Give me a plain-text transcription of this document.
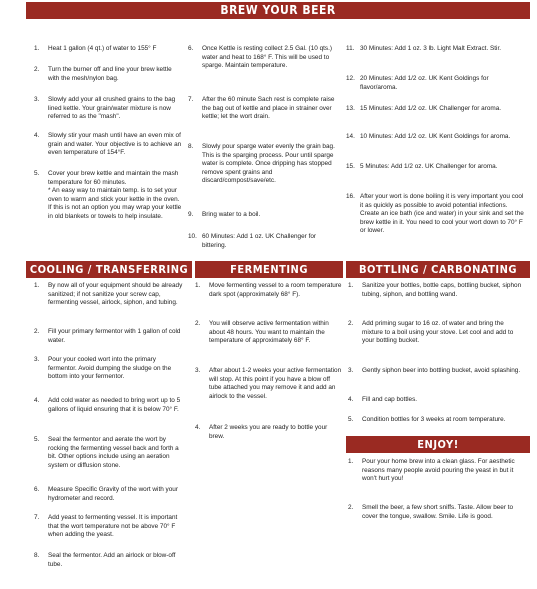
BREW YOUR BEER
COOLING / TRANSFERRING	FERMENTING	BOTTLING / CARBONATING
ENJOY!
1.	Heat 1 gallon (4 qt.) of water to 155° F
2.	Turn the burner off and line your brew kettle with the mesh/nylon bag.
3.	Slowly add your all crushed grains to the bag lined kettle. Your grain/water mixture is now referred to as the "mash".
4.	Slowly stir your mash until have an even mix of grain and water. Your objective is to achieve an even temperature of 154°F.
5.	Cover your brew kettle and maintain the mash temperature for 60 minutes.
* An easy way to maintain temp. is to set your oven to warm and stick your kettle in the oven. If this is not an option you may wrap your kettle in old blankets or towels to help insulate.
6.	Once Kettle is resting collect 2.5 Gal. (10 qts.) water and heat to 168° F. This will be used to sparge. Maintain temperature.
7.	After the 60 minute Sach rest is complete raise the bag out of kettle and place in strainer over kettle; let the wort drain.
8.	Slowly pour sparge water evenly the grain bag. This is the sparging process. Pour until sparge water is complete. Once dripping has stopped remove spent grains and discard/compost/save/etc.
9.	Bring water to a boil.
10. 60 Minutes: Add 1 oz. UK Challenger for bittering.
11. 30 Minutes: Add 1 oz. 3 lb. Light Malt Extract. Stir.
12. 20 Minutes: Add 1/2 oz. UK Kent Goldings for flavor/aroma.
13. 15 Minutes: Add 1/2 oz. UK Challenger for aroma.
14. 10 Minutes: Add 1/2 oz. UK Kent Goldings for aroma.
15. 5 Minutes: Add 1/2 oz. UK Challenger for aroma.
16. After your wort is done boiling it is very important you cool it as quickly as possible to avoid potential infections. Create an ice bath (ice and water) in your sink and set the brew kettle in it. You need to cool your wort down to 70° F or lower.
1.	By now all of your equipment should be already sanitized; if not sanitize your screw cap, fermenting vessel, airlock, siphon, and tubing.
2.	Fill your primary fermentor with 1 gallon of cold water.
3.	Pour your cooled wort into the primary fermentor. Avoid dumping the sludge on the bottom into your fermentor.
4.	Add cold water as needed to bring wort up to 5 gallons of liquid ensuring that it is below 70° F.
5.	Seal the fermentor and aerate the wort by rocking the fermenting vessel back and forth a bit. Other options include using an aeration system or diffusion stone.
6.	Measure Specific Gravity of the wort with your hydrometer and record.
7.	Add yeast to fermenting vessel. It is important that the wort temperature not be above 70° F when adding the yeast.
8.	Seal the fermentor. Add an airlock or blow-off tube.
1.	Move fermenting vessel to a room temperature dark spot (approximately 68° F).
2.	You will observe active fermentation within about 48 hours. You want to maintain the temperature of approximately 68° F.
3.	After about 1-2 weeks your active fermentation will stop. At this point if you have a blow off tube attached you may remove it and add an airlock to the vessel.
4.	After 2 weeks you are ready to bottle your brew.
1.	Sanitize your bottles, bottle caps, bottling bucket, siphon tubing, siphon, and bottling wand.
2.	Add priming sugar to 16 oz. of water and bring the mixture to a boil using your stove. Let cool and add to your bottling bucket.
3.	Gently siphon beer into bottling bucket, avoid splashing.
4.	Fill and cap bottles.
5.	Condition bottles for 3 weeks at room temperature.
1.	Pour your home brew into a clean glass. For aesthetic reasons many people avoid pouring the yeast in but it won't hurt you!
2.	Smell the beer, a few short sniffs. Taste. Allow beer to cover the tongue, swallow. Smile. Life is good.
